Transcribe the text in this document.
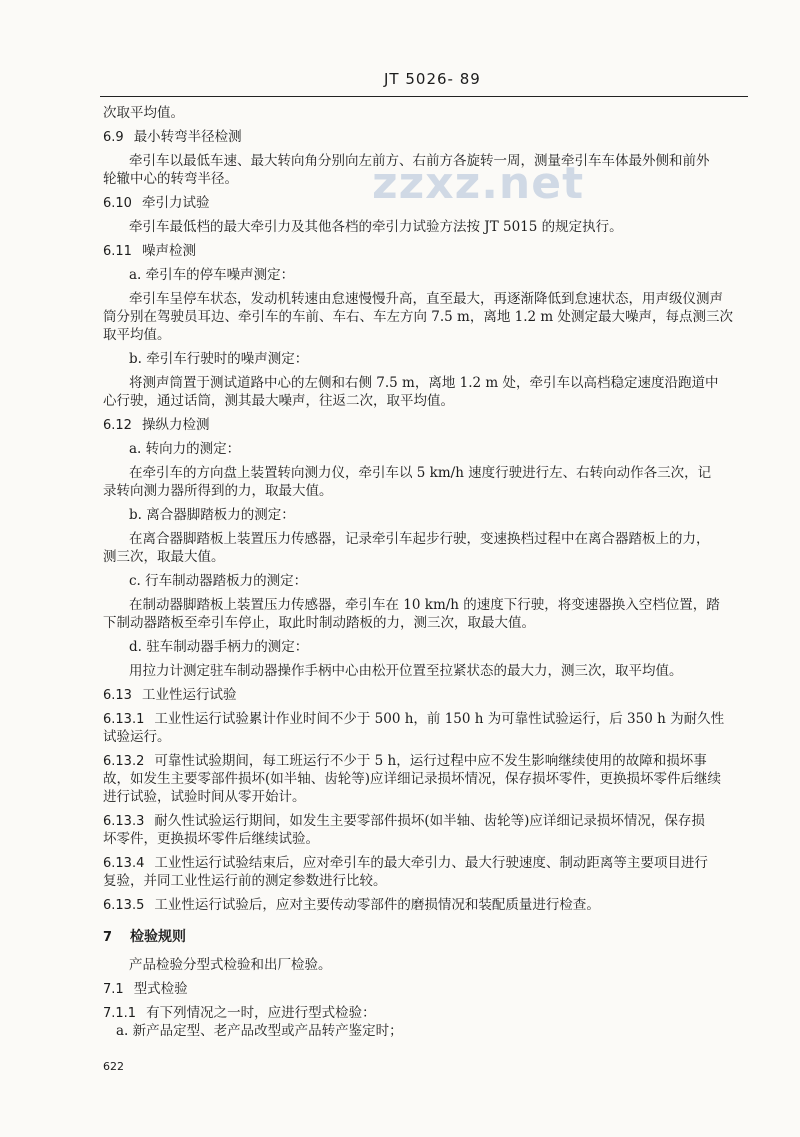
JT 5026- 89
zzxz.net
次取平均值。
6.9 最小转弯半径检测
牵引车以最低车速、最大转向角分别向左前方、右前方各旋转一周，测量牵引车车体最外侧和前外
轮辙中心的转弯半径。
6.10 牵引力试验
牵引车最低档的最大牵引力及其他各档的牵引力试验方法按 JT 5015 的规定执行。
6.11 噪声检测
a. 牵引车的停车噪声测定：
牵引车呈停车状态，发动机转速由怠速慢慢升高，直至最大，再逐渐降低到怠速状态，用声级仪测声
筒分别在驾驶员耳边、牵引车的车前、车右、车左方向 7.5 m，离地 1.2 m 处测定最大噪声，每点测三次
取平均值。
b. 牵引车行驶时的噪声测定：
将测声筒置于测试道路中心的左侧和右侧 7.5 m，离地 1.2 m 处，牵引车以高档稳定速度沿跑道中
心行驶，通过话筒，测其最大噪声，往返二次，取平均值。
6.12 操纵力检测
a. 转向力的测定：
在牵引车的方向盘上装置转向测力仪，牵引车以 5 km/h 速度行驶进行左、右转向动作各三次，记
录转向测力器所得到的力，取最大值。
b. 离合器脚踏板力的测定：
在离合器脚踏板上装置压力传感器，记录牵引车起步行驶，变速换档过程中在离合器踏板上的力，
测三次，取最大值。
c. 行车制动器踏板力的测定：
在制动器脚踏板上装置压力传感器，牵引车在 10 km/h 的速度下行驶，将变速器换入空档位置，踏
下制动器踏板至牵引车停止，取此时制动踏板的力，测三次，取最大值。
d. 驻车制动器手柄力的测定：
用拉力计测定驻车制动器操作手柄中心由松开位置至拉紧状态的最大力，测三次，取平均值。
6.13 工业性运行试验
6.13.1 工业性运行试验累计作业时间不少于 500 h，前 150 h 为可靠性试验运行，后 350 h 为耐久性
试验运行。
6.13.2 可靠性试验期间，每工班运行不少于 5 h，运行过程中应不发生影响继续使用的故障和损坏事
故，如发生主要零部件损坏(如半轴、齿轮等)应详细记录损坏情况，保存损坏零件，更换损坏零件后继续
进行试验，试验时间从零开始计。
6.13.3 耐久性试验运行期间，如发生主要零部件损坏(如半轴、齿轮等)应详细记录损坏情况，保存损
坏零件，更换损坏零件后继续试验。
6.13.4 工业性运行试验结束后，应对牵引车的最大牵引力、最大行驶速度、制动距离等主要项目进行
复验，并同工业性运行前的测定参数进行比较。
6.13.5 工业性运行试验后，应对主要传动零部件的磨损情况和装配质量进行检查。
7 检验规则
产品检验分型式检验和出厂检验。
7.1 型式检验
7.1.1 有下列情况之一时，应进行型式检验：
a. 新产品定型、老产品改型或产品转产鉴定时；
622
